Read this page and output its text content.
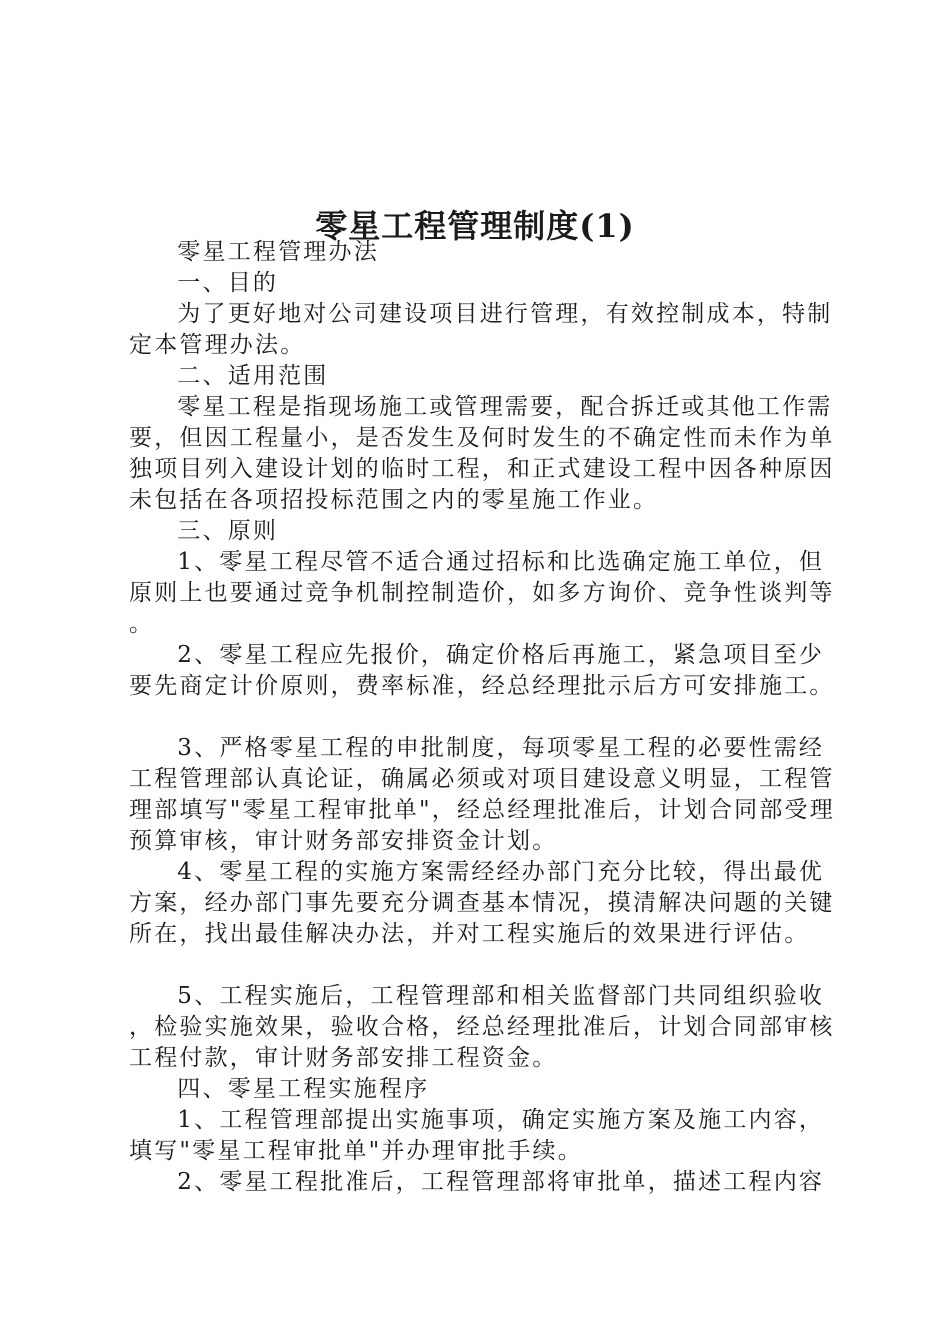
零星工程管理制度(1)

零星工程管理办法

一、目的

为了更好地对公司建设项目进行管理，有效控制成本，特制定本管理办法。

二、适用范围

零星工程是指现场施工或管理需要，配合拆迁或其他工作需要，但因工程量小，是否发生及何时发生的不确定性而未作为单独项目列入建设计划的临时工程，和正式建设工程中因各种原因未包括在各项招投标范围之内的零星施工作业。

三、原则

1、零星工程尽管不适合通过招标和比选确定施工单位，但原则上也要通过竞争机制控制造价，如多方询价、竞争性谈判等。

2、零星工程应先报价，确定价格后再施工，紧急项目至少要先商定计价原则，费率标准，经总经理批示后方可安排施工。

3、严格零星工程的申批制度，每项零星工程的必要性需经工程管理部认真论证，确属必须或对项目建设意义明显，工程管理部填写"零星工程审批单"，经总经理批准后，计划合同部受理预算审核，审计财务部安排资金计划。

4、零星工程的实施方案需经经办部门充分比较，得出最优方案，经办部门事先要充分调查基本情况，摸清解决问题的关键所在，找出最佳解决办法，并对工程实施后的效果进行评估。

5、工程实施后，工程管理部和相关监督部门共同组织验收，检验实施效果，验收合格，经总经理批准后，计划合同部审核工程付款，审计财务部安排工程资金。

四、零星工程实施程序

1、工程管理部提出实施事项，确定实施方案及施工内容，填写"零星工程审批单"并办理审批手续。

2、零星工程批准后，工程管理部将审批单，描述工程内容
